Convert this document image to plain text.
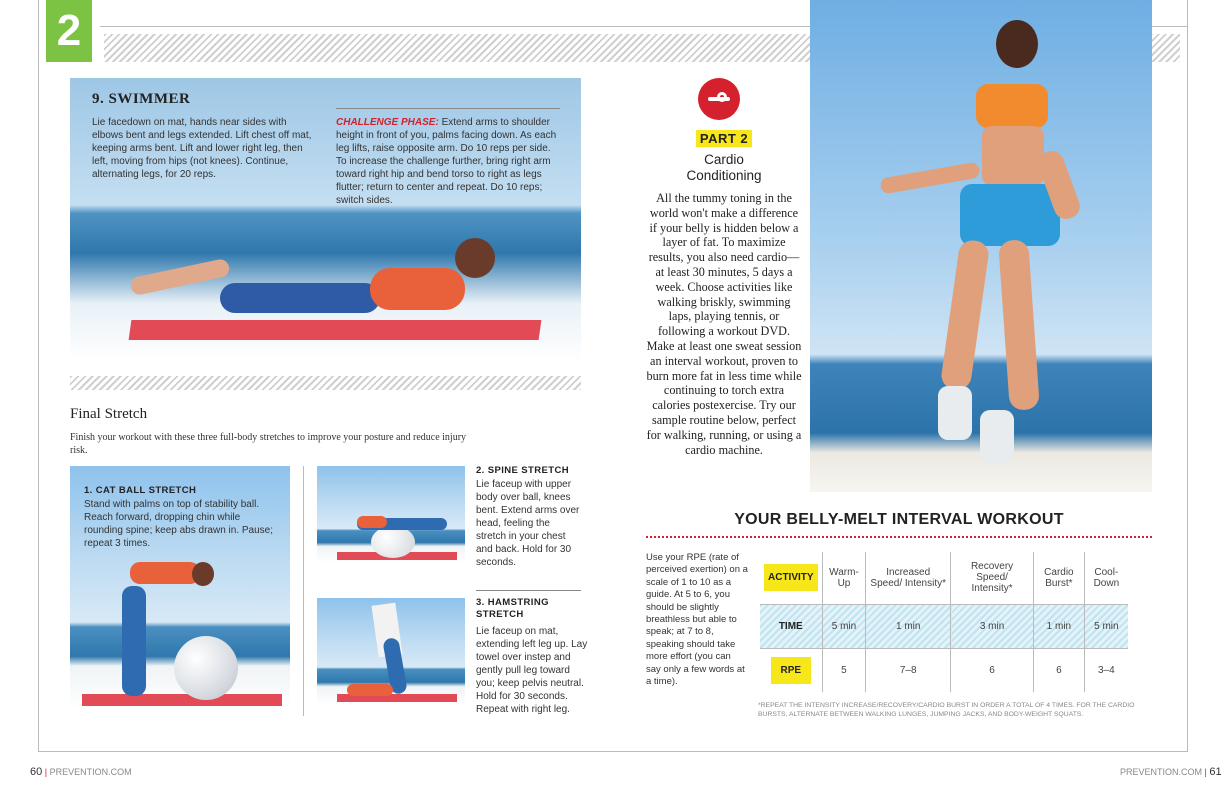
2
9. SWIMMER
Lie facedown on mat, hands near sides with elbows bent and legs extended. Lift chest off mat, keeping arms bent. Lift and lower right leg, then left, moving from hips (not knees). Continue, alternating legs, for 20 reps.
CHALLENGE PHASE: Extend arms to shoulder height in front of you, palms facing down. As each leg lifts, raise opposite arm. Do 10 reps per side. To increase the challenge further, bring right arm toward right hip and bend torso to right as legs flutter; return to center and repeat. Do 10 reps; switch sides.
Final Stretch
Finish your workout with these three full-body stretches to improve your posture and reduce injury risk.
1. CAT BALL STRETCH
Stand with palms on top of stability ball. Reach forward, dropping chin while rounding spine; keep abs drawn in. Pause; repeat 3 times.
2. SPINE STRETCH
Lie faceup with upper body over ball, knees bent. Extend arms over head, feeling the stretch in your chest and back. Hold for 30 seconds.
3. HAMSTRING STRETCH
Lie faceup on mat, extending left leg up. Lay towel over instep and gently pull leg toward you; keep pelvis neutral. Hold for 30 seconds. Repeat with right leg.
PART 2
Cardio
Conditioning
All the tummy toning in the world won't make a difference if your belly is hidden below a layer of fat. To maximize results, you also need cardio—at least 30 minutes, 5 days a week. Choose activities like walking briskly, swimming laps, playing tennis, or following a workout DVD. Make at least one sweat session an interval workout, proven to burn more fat in less time while continuing to torch extra calories postexercise. Try our sample routine below, perfect for walking, running, or using a cardio machine.
YOUR BELLY-MELT INTERVAL WORKOUT
Use your RPE (rate of perceived exertion) on a scale of 1 to 10 as a guide. At 5 to 6, you should be slightly breathless but able to speak; at 7 to 8, speaking should take more effort (you can say only a few words at a time).
ACTIVITY	Warm-Up	Increased Speed/ Intensity*	Recovery Speed/ Intensity*	Cardio Burst*	Cool-Down
TIME	5 min	1 min	3 min	1 min	5 min
RPE	5	7–8	6	6	3–4
*REPEAT THE INTENSITY INCREASE/RECOVERY/CARDIO BURST IN ORDER A TOTAL OF 4 TIMES. FOR THE CARDIO BURSTS, ALTERNATE BETWEEN WALKING LUNGES, JUMPING JACKS, AND BODY-WEIGHT SQUATS.
60 | PREVENTION.COM	PREVENTION.COM | 61
